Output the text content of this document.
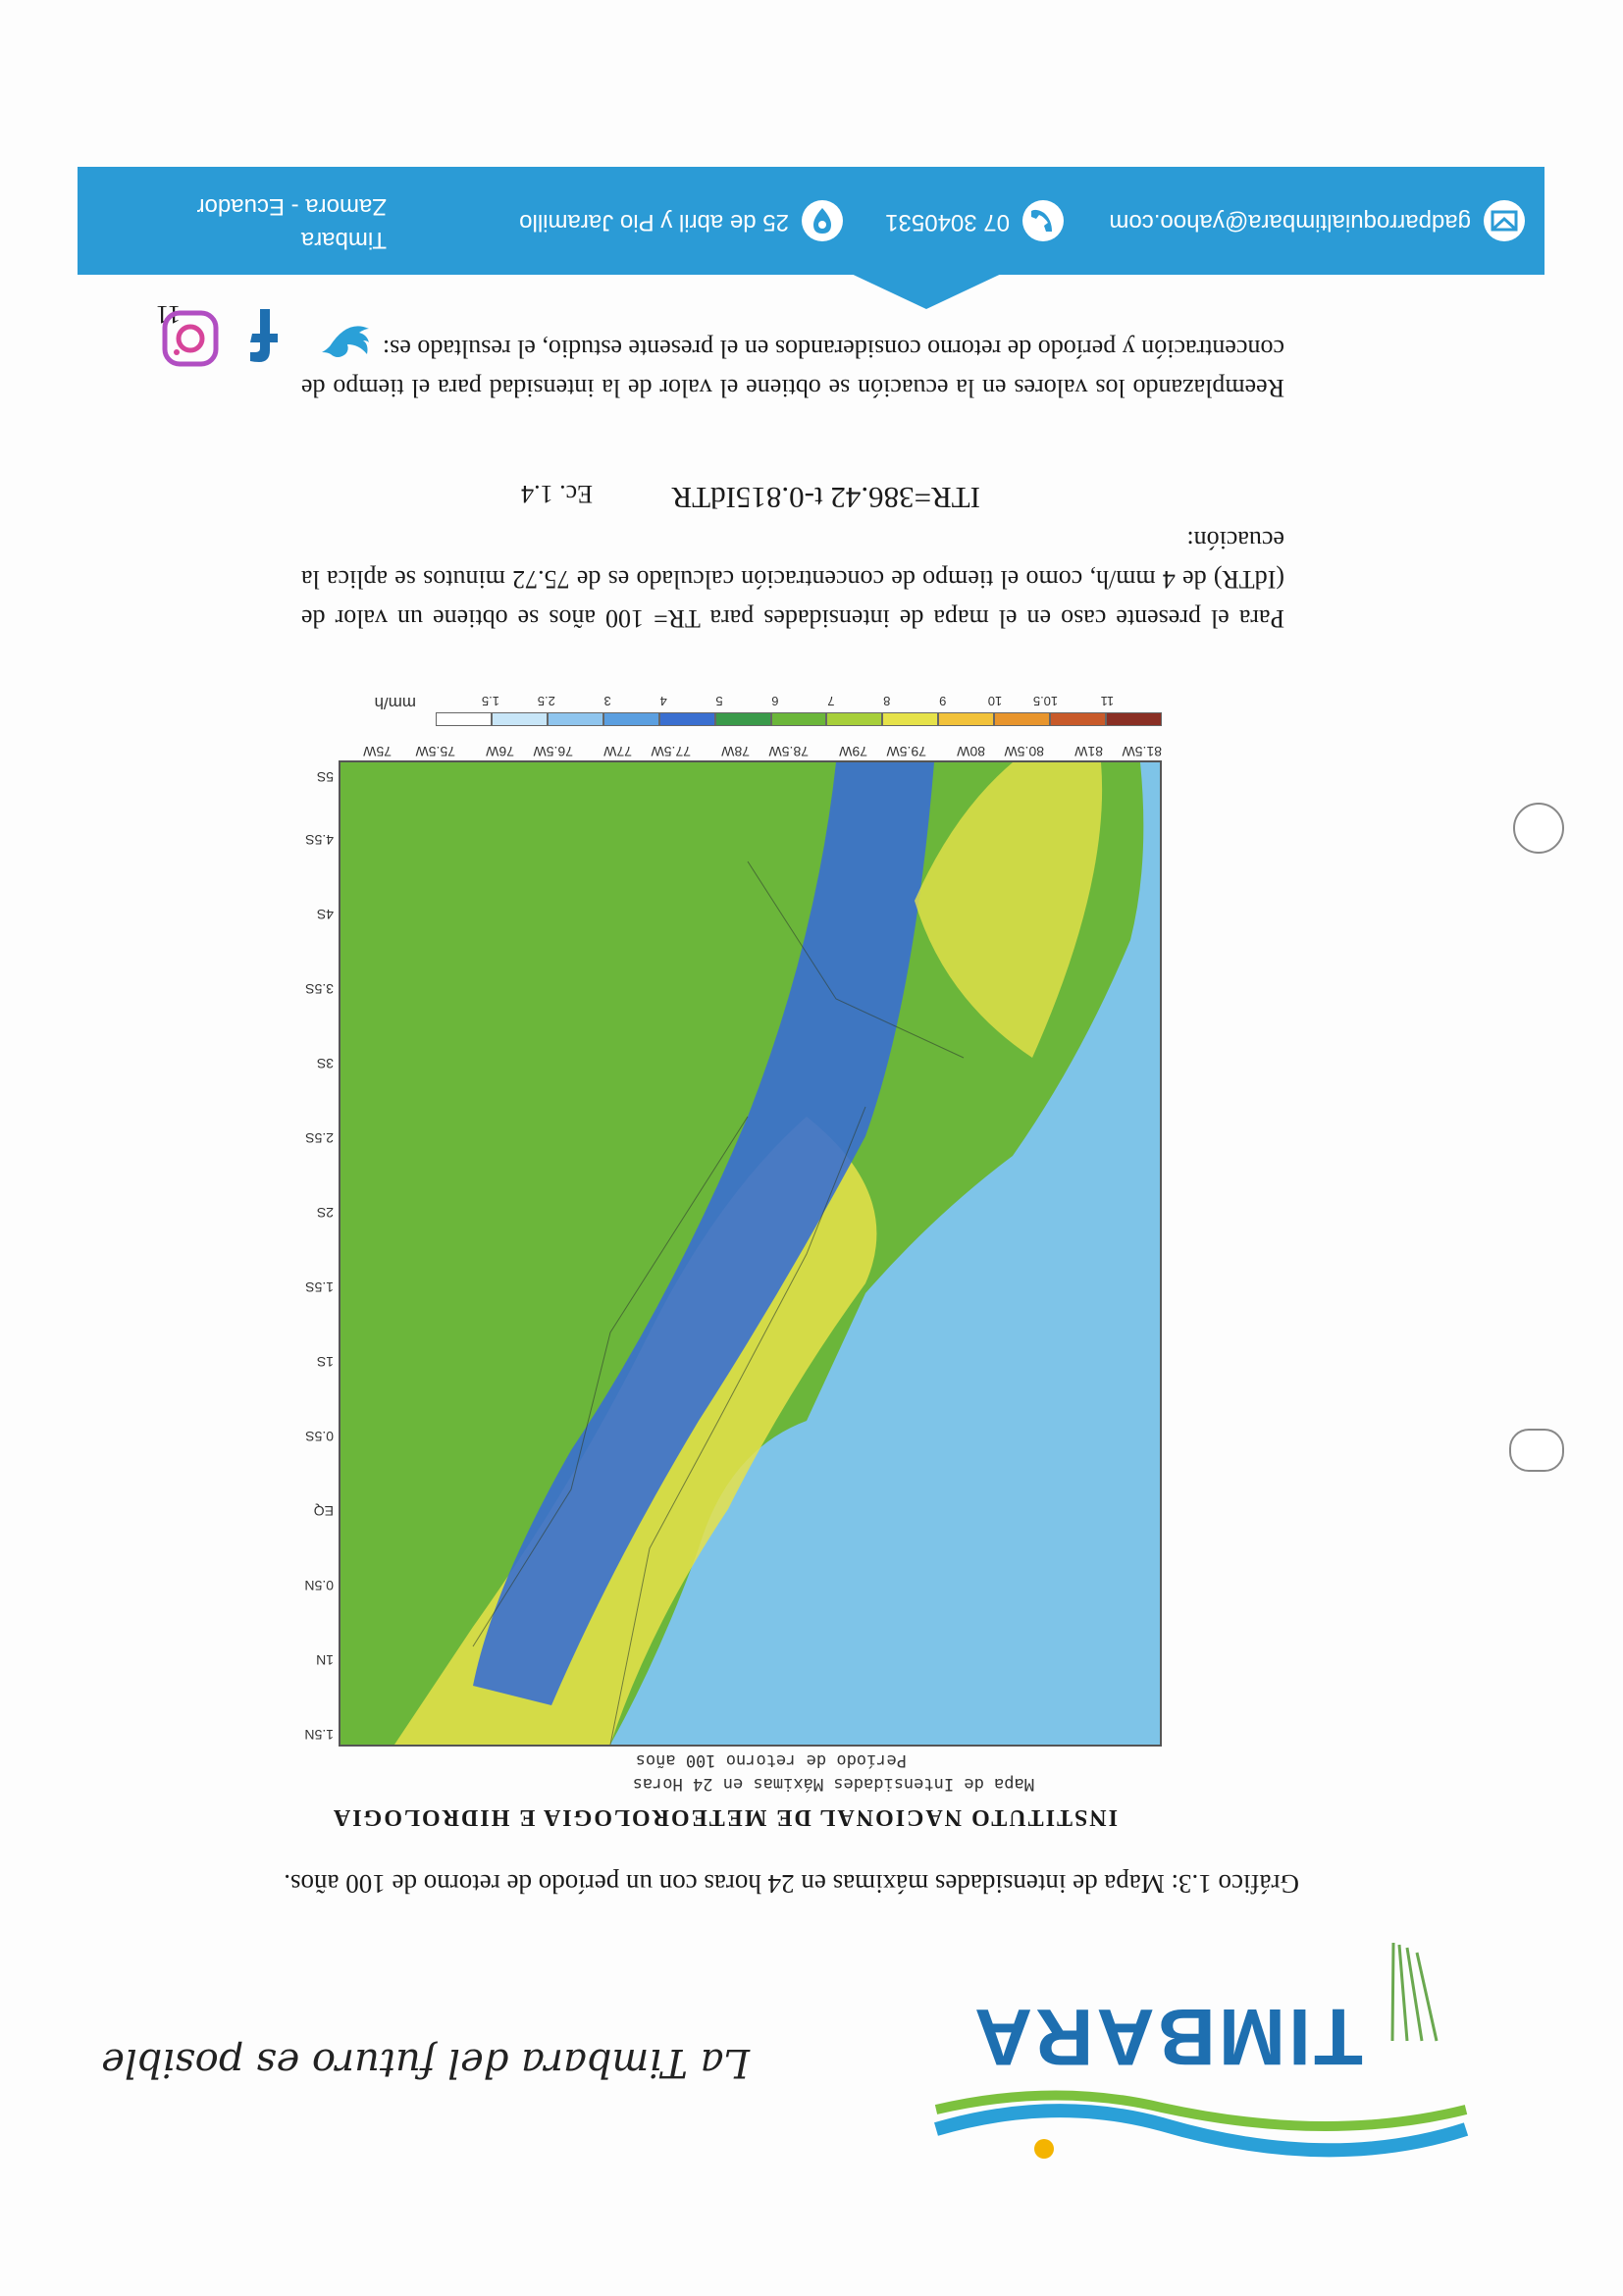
TIMBARA
La Timbara del futuro es posible
Gráfico 1.3: Mapa de intensidades máximas en 24 horas con un período de retorno de 100 años.
INSTITUTO NACIONAL DE METEOROLOGIA E HIDROLOGIA
Mapa de Intensidades Máximas en 24 Horas
Período de retorno 100 años
1.5N
1N
0.5N
EQ
0.5S
1S
1.5S
2S
2.5S
3S
3.5S
4S
4.5S
5S
81.5W
81W
80.5W
80W
79.5W
79W
78.5W
78W
77.5W
77W
76.5W
76W
75.5W
75W
1.5	2.5	3	4	5	6	7	8	9	10 10.5	11
mm/h
Para el presente caso en el mapa de intensidades para TR= 100 años se obtiene un valor de (IdTR) de 4 mm/h, como el tiempo de concentración calculado es de 75.72 minutos se aplica la ecuación:
ITR=386.42 t-0.815IdTR
Ec. 1.4
Reemplazando los valores en la ecuación se obtiene el valor de la intensidad para el tiempo de concentración y período de retorno considerandos en el presente estudio, el resultado es:
11
gadparroquialtimbara@yahoo.com
07 3040531
25 de abril y Pio Jaramillo
Timbara
Zamora - Ecuador
